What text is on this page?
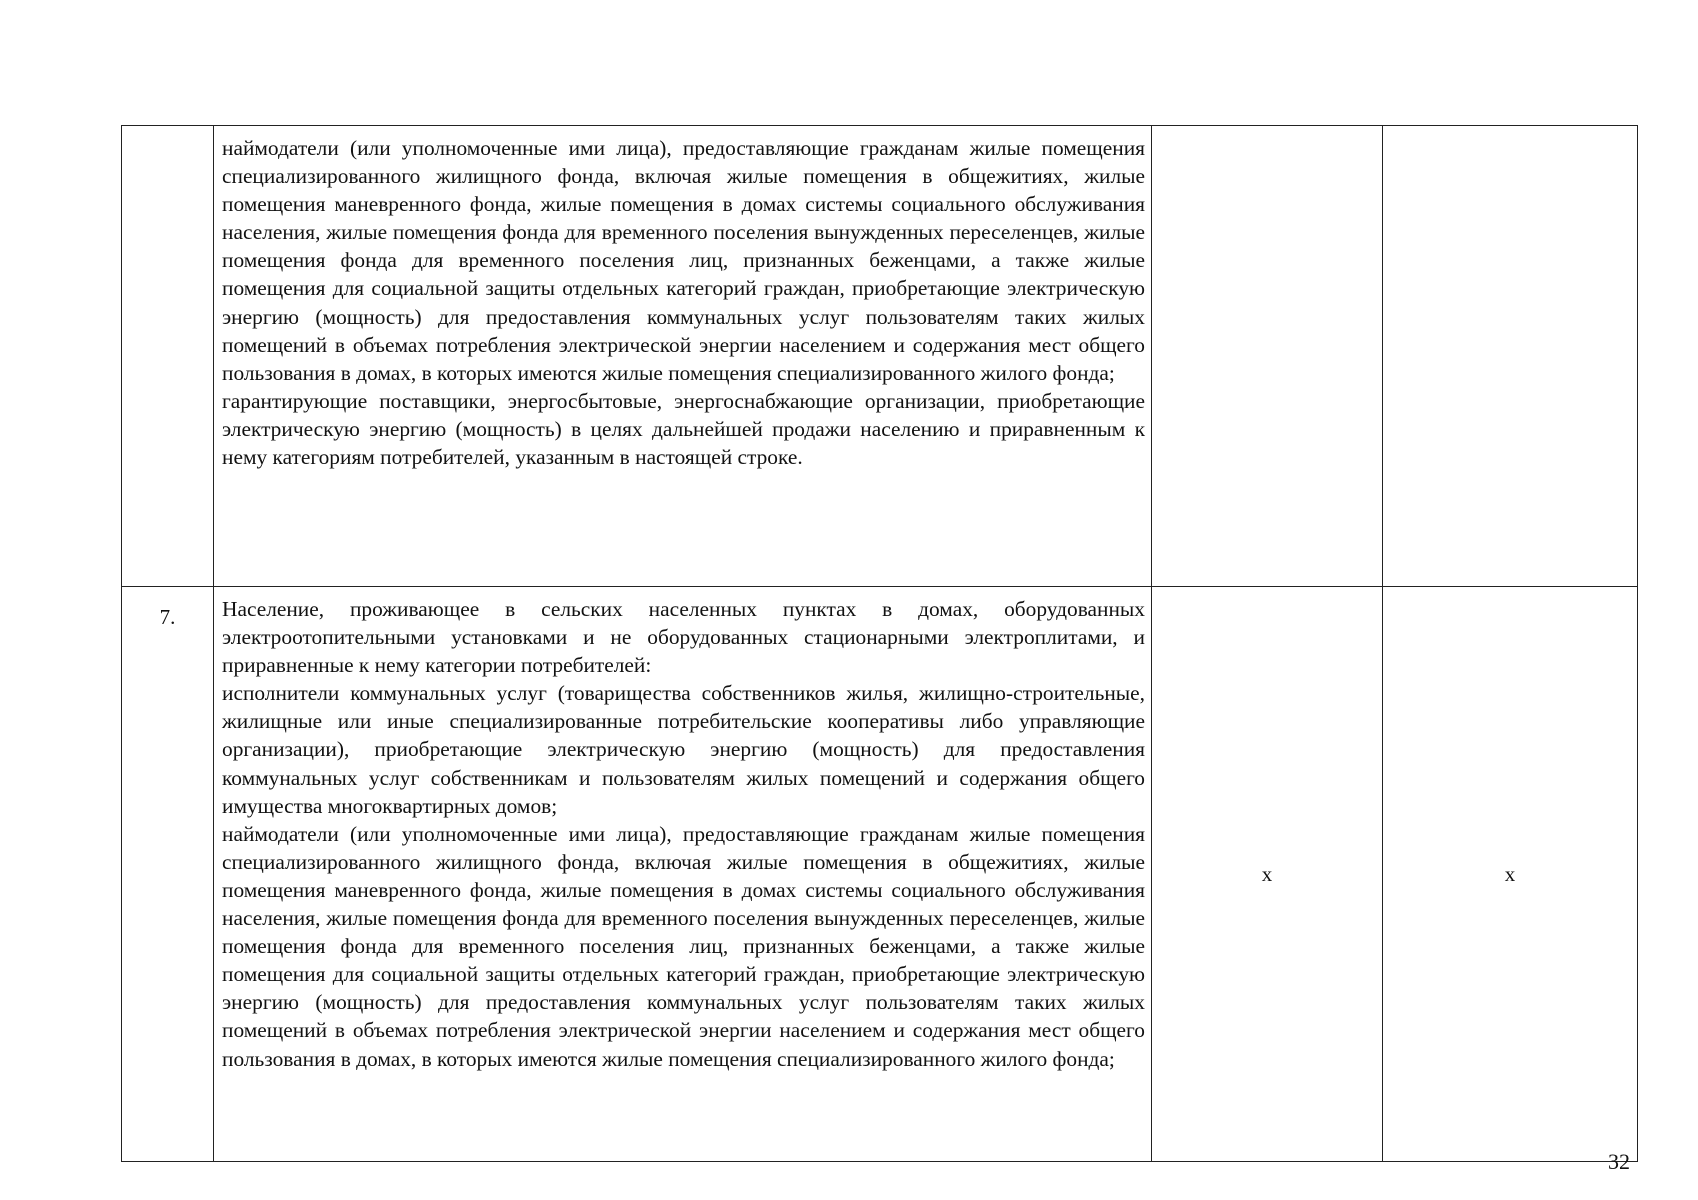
	наймодатели (или уполномоченные ими лица), предоставляющие гражданам жилые помещения специализированного жилищного фонда, включая жилые помещения в общежитиях, жилые помещения маневренного фонда, жилые помещения в домах системы социального обслуживания населения, жилые помещения фонда для временного поселения вынужденных переселенцев, жилые помещения фонда для временного поселения лиц, признанных беженцами, а также жилые помещения для социальной защиты отдельных категорий граждан, приобретающие электрическую энергию (мощность) для предоставления коммунальных услуг пользователям таких жилых помещений в объемах потребления электрической энергии населением и содержания мест общего пользования в домах, в которых имеются жилые помещения специализированного жилого фонда;

гарантирующие поставщики, энергосбытовые, энергоснабжающие организации, приобретающие электрическую энергию (мощность) в целях дальнейшей продажи населению и приравненным к нему категориям потребителей, указанным в настоящей строке.		

7.	Население, проживающее в сельских населенных пунктах в домах, оборудованных электроотопительными установками и не оборудованных стационарными электроплитами, и приравненные к нему категории потребителей:

исполнители коммунальных услуг (товарищества собственников жилья, жилищно-строительные, жилищные или иные специализированные потребительские кооперативы либо управляющие организации), приобретающие электрическую энергию (мощность) для предоставления коммунальных услуг собственникам и пользователям жилых помещений и содержания общего имущества многоквартирных домов;

наймодатели (или уполномоченные ими лица), предоставляющие гражданам жилые помещения специализированного жилищного фонда, включая жилые помещения в общежитиях, жилые помещения маневренного фонда, жилые помещения в домах системы социального обслуживания населения, жилые помещения фонда для временного поселения вынужденных переселенцев, жилые помещения фонда для временного поселения лиц, признанных беженцами, а также жилые помещения для социальной защиты отдельных категорий граждан, приобретающие электрическую энергию (мощность) для предоставления коммунальных услуг пользователям таких жилых помещений в объемах потребления электрической энергии населением и содержания мест общего пользования в домах, в которых имеются жилые помещения специализированного жилого фонда;	х	х
32
